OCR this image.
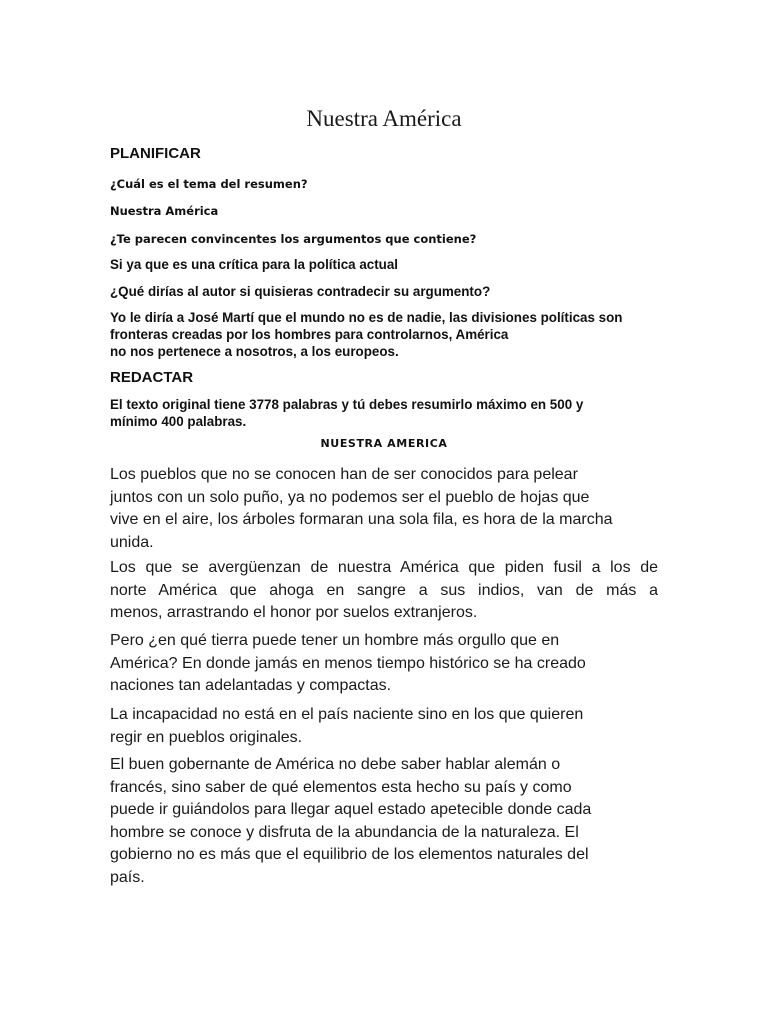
Nuestra América
PLANIFICAR
¿Cuál es el tema del resumen?
Nuestra América
¿Te parecen convincentes los argumentos que contiene?
Si ya que es una crítica para la política actual
¿Qué dirías al autor si quisieras contradecir su argumento?
Yo le diría a José Martí que el mundo no es de nadie, las divisiones políticas son
fronteras creadas por los hombres para controlarnos, América
no nos pertenece a nosotros, a los europeos.
REDACTAR
El texto original tiene 3778 palabras y tú debes resumirlo máximo en 500 y
mínimo 400 palabras.
NUESTRA AMERICA
Los pueblos que no se conocen han de ser conocidos para pelear
juntos con un solo puño, ya no podemos ser el pueblo de hojas que
vive en el aire, los árboles formaran una sola fila, es hora de la marcha
unida.
Los que se avergüenzan de nuestra América que piden fusil a los de
norte América que ahoga en sangre a sus indios, van de más a
menos, arrastrando el honor por suelos extranjeros.
Pero ¿en qué tierra puede tener un hombre más orgullo que en
América? En donde jamás en menos tiempo histórico se ha creado
naciones tan adelantadas y compactas.
La incapacidad no está en el país naciente sino en los que quieren
regir en pueblos originales.
El buen gobernante de América no debe saber hablar alemán o
francés, sino saber de qué elementos esta hecho su país y como
puede ir guiándolos para llegar aquel estado apetecible donde cada
hombre se conoce y disfruta de la abundancia de la naturaleza. El
gobierno no es más que el equilibrio de los elementos naturales del
país.
